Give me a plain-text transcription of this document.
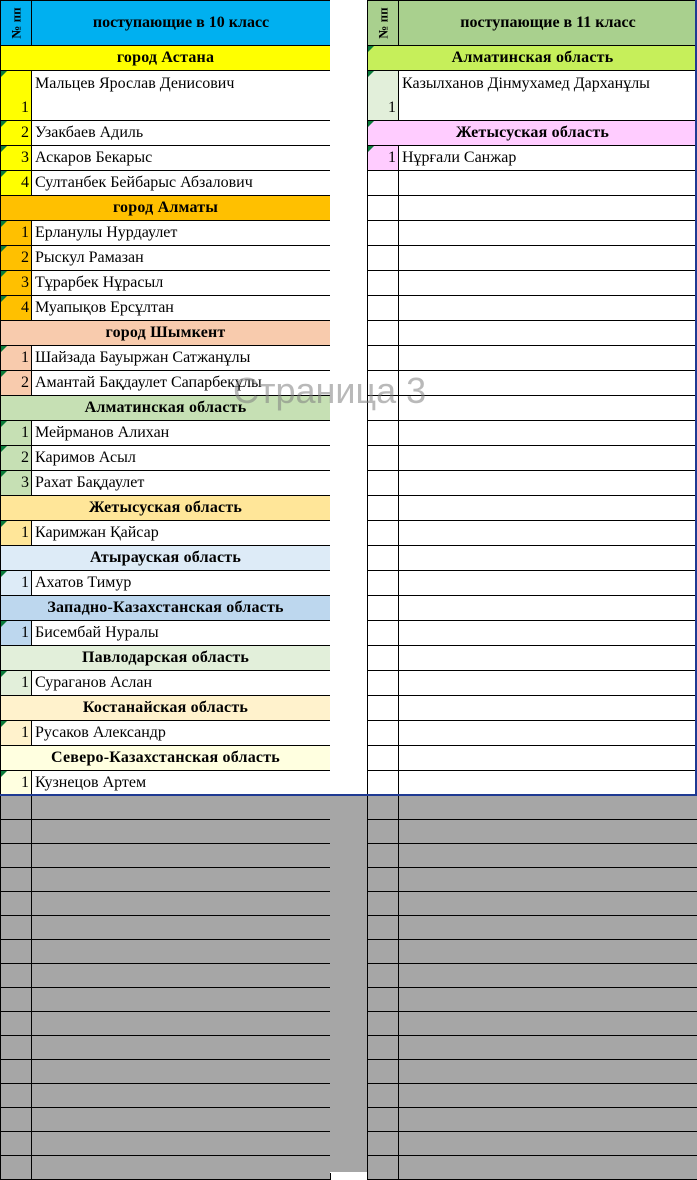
№ пп	поступающие в 10 класс
город Астана	
1	Мальцев Ярослав Денисович
2	Узакбаев Адиль
3	Аскаров Бекарыс
4	Султанбек Бейбарыс Абзалович
город Алматы	
1	Ерланулы Нурдаулет
2	Рыскул Рамазан
3	Тұрарбек Нұрасыл
4	Муапықов Ерсұлтан
город Шымкент	
1	Шайзада Бауыржан Сатжанұлы
2	Амантай Бақдаулет Сапарбекұлы
Алматинская область	
1	Мейрманов Алихан
2	Каримов Асыл
3	Рахат Бақдаулет
Жетысуская область	
1	Каримжан Қайсар
Атырауская область	
1	Ахатов Тимур
Западно-Казахстанская область	
1	Бисембай Нуралы
Павлодарская область	
1	Сураганов Аслан
Костанайская область	
1	Русаков Александр
Северо-Казахстанская область	
1	Кузнецов Артем

№ пп	поступающие в 11 класс
Алматинская область	
1	Казылханов Дінмухамед Дарханұлы
Жетысуская область	
1	Нұрғали Санжар

Страница 3
